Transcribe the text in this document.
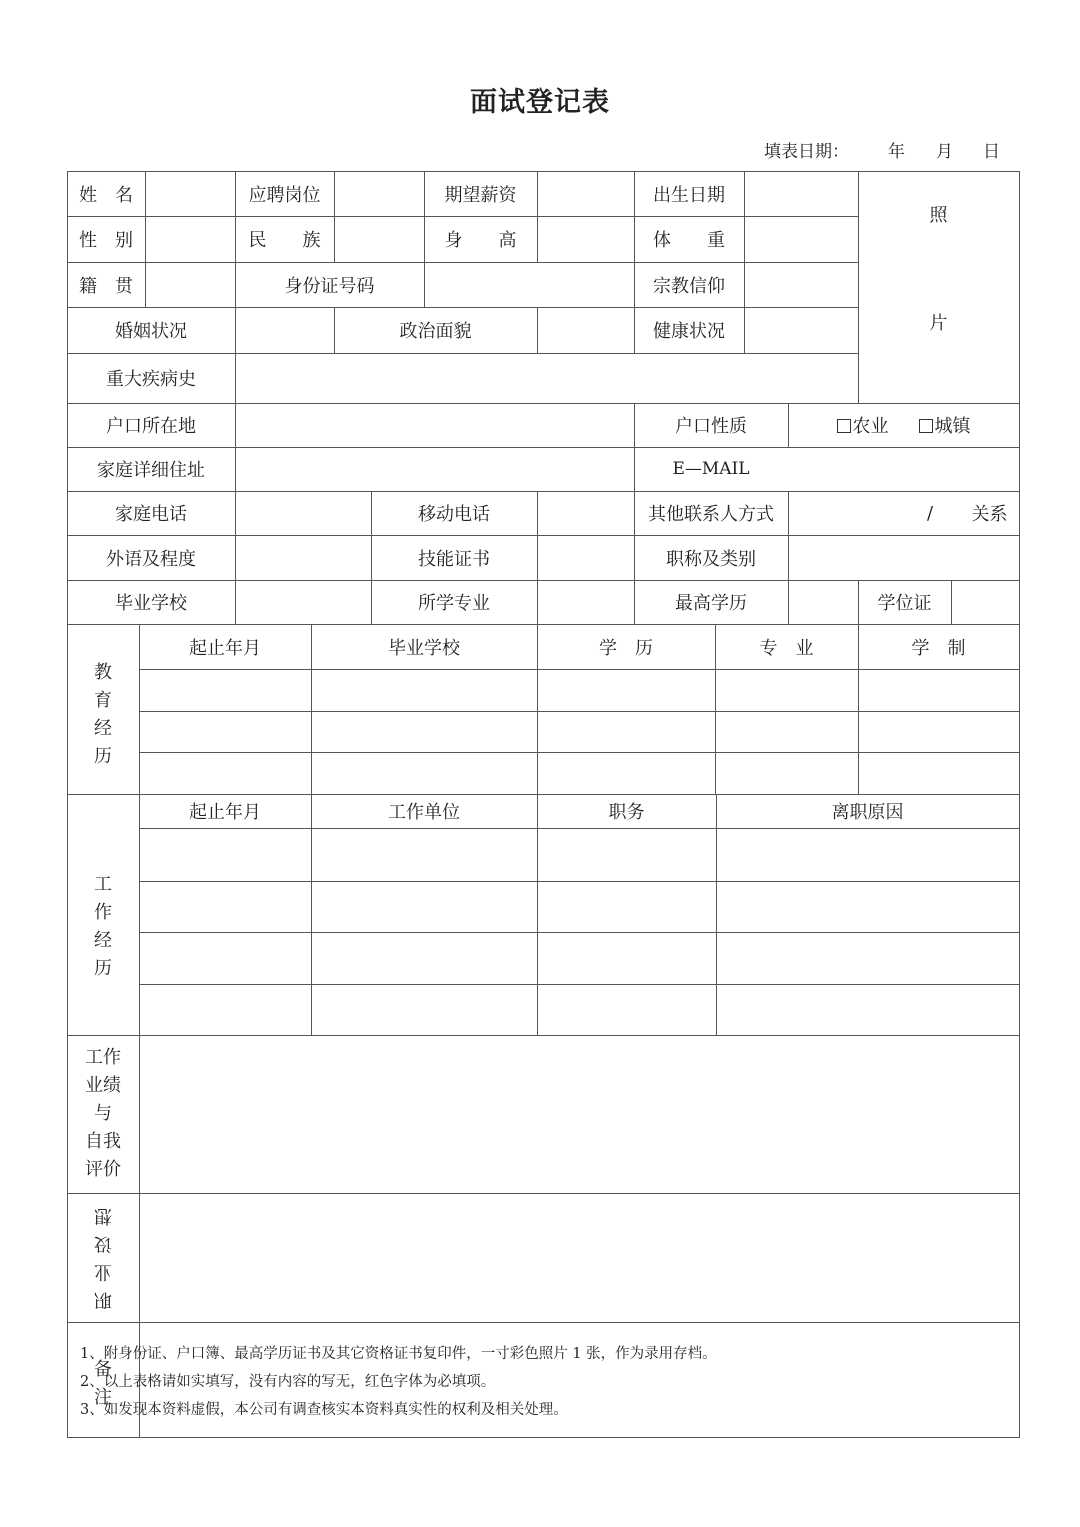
面试登记表

填表日期：

年

月

日

姓　名	应聘岗位	期望薪资	出生日期
性　别	民　　族	身　　高	体　　重
籍　贯	身份证号码	宗教信仰
婚姻状况	政治面貌	健康状况
重大疾病史
照
片
户口所在地	户口性质	农业	城镇
家庭详细住址	E—MAIL
家庭电话	移动电话	其他联系人方式	/	关系
外语及程度	技能证书	职称及类别
毕业学校	所学专业	最高学历	学位证
教
育
经
历
起止年月	毕业学校	学　历	专　业	学　制
工
作
经
历
起止年月	工作单位	职务	离职原因
工作
业绩
与
自我
评价
职
业
设
想
备
注
1、附身份证、户口簿、最高学历证书及其它资格证书复印件，一寸彩色照片 1 张，作为录用存档。
2、以上表格请如实填写，没有内容的写无，红色字体为必填项。
3、如发现本资料虚假，本公司有调查核实本资料真实性的权利及相关处理。
